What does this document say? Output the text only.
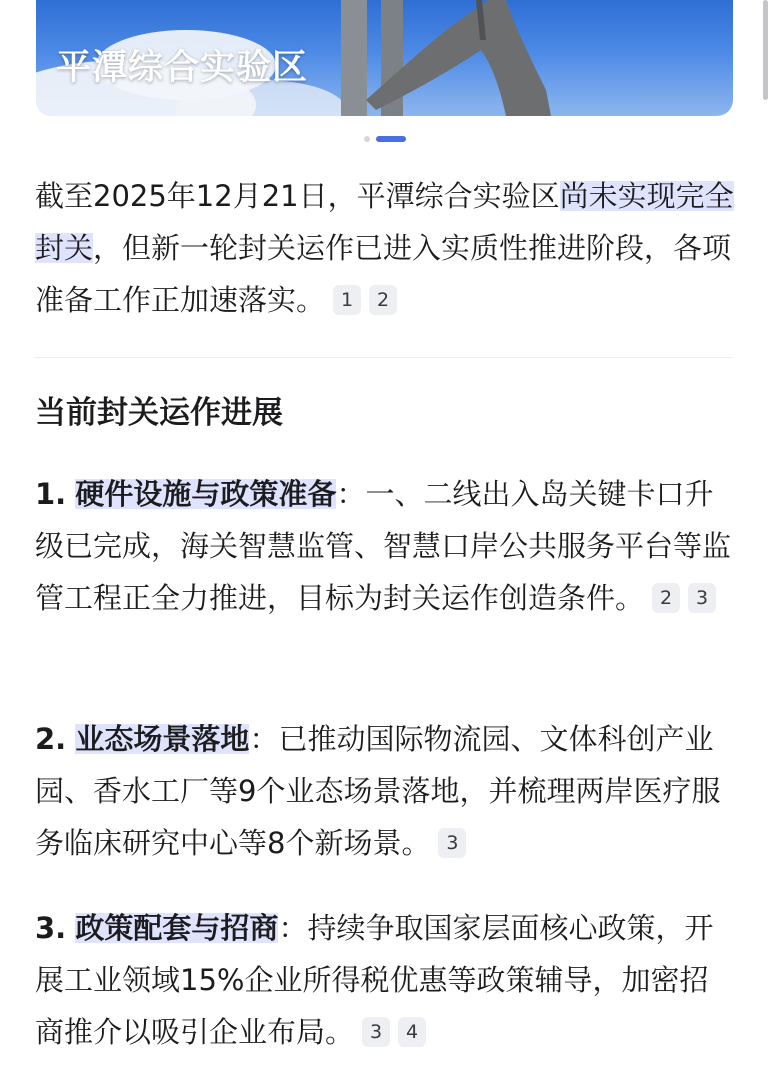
平潭综合实验区
截至2025年12月21日，平潭综合实验区尚未实现完全封关，但新一轮封关运作已进入实质性推进阶段，各项准备工作正加速落实。 1 2
当前封关运作进展
1. 硬件设施与政策准备：一、二线出入岛关键卡口升级已完成，海关智慧监管、智慧口岸公共服务平台等监管工程正全力推进，目标为封关运作创造条件。 2 3
2. 业态场景落地：已推动国际物流园、文体科创产业园、香水工厂等9个业态场景落地，并梳理两岸医疗服务临床研究中心等8个新场景。 3
3. 政策配套与招商：持续争取国家层面核心政策，开展工业领域15%企业所得税优惠等政策辅导，加密招商推介以吸引企业布局。 3 4
